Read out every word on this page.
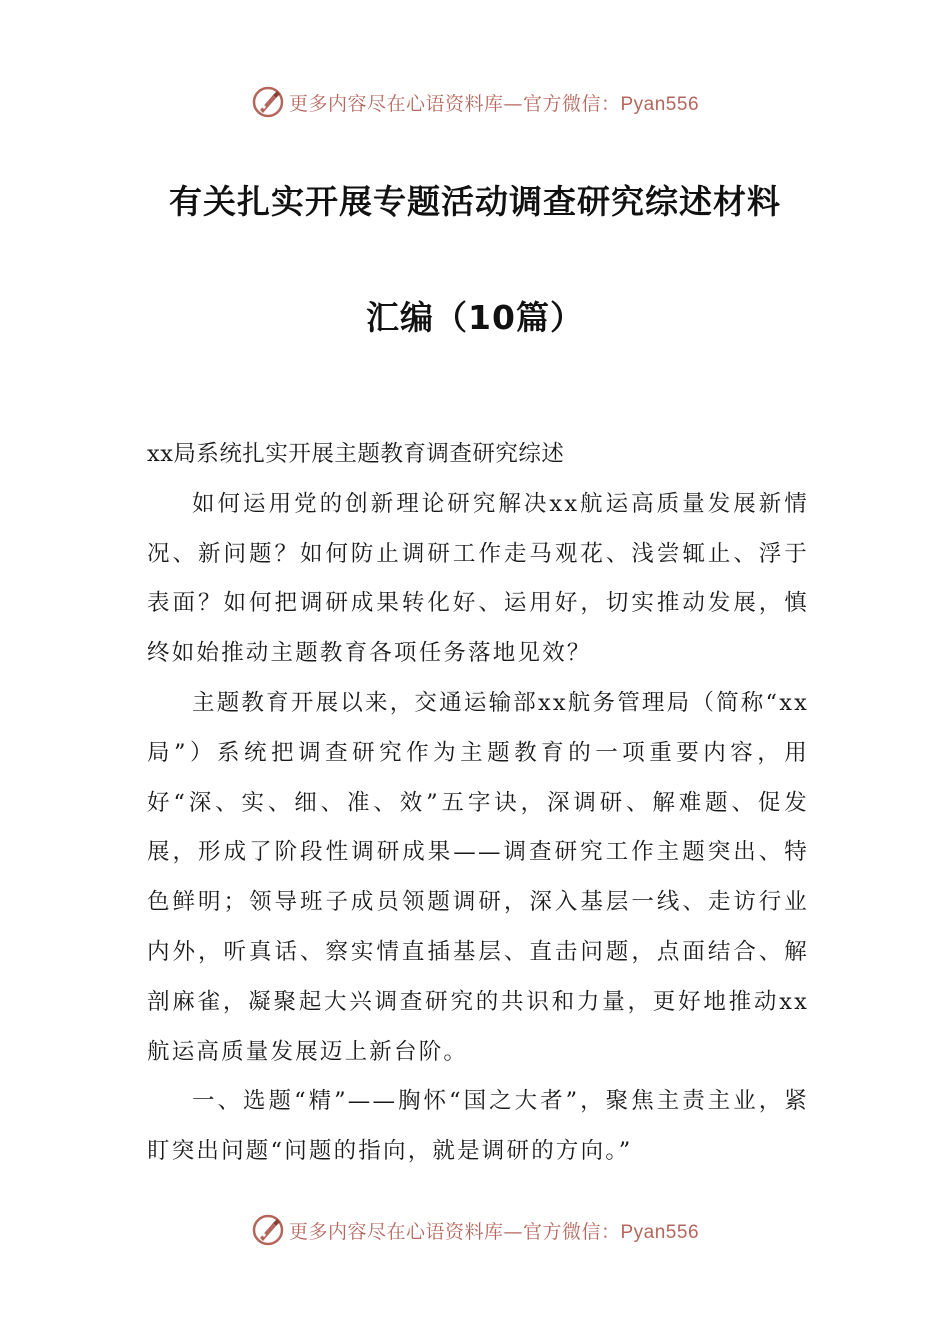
更多内容尽在心语资料库—官方微信：Pyan556
有关扎实开展专题活动调查研究综述材料
汇编（10篇）

xx局系统扎实开展主题教育调查研究综述

如何运用党的创新理论研究解决xx航运高质量发展新情况、新问题？如何防止调研工作走马观花、浅尝辄止、浮于表面？如何把调研成果转化好、运用好，切实推动发展，慎终如始推动主题教育各项任务落地见效？

主题教育开展以来，交通运输部xx航务管理局（简称“xx局”）系统把调查研究作为主题教育的一项重要内容，用好“深、实、细、准、效”五字诀，深调研、解难题、促发展，形成了阶段性调研成果——调查研究工作主题突出、特色鲜明；领导班子成员领题调研，深入基层一线、走访行业内外，听真话、察实情直插基层、直击问题，点面结合、解剖麻雀，凝聚起大兴调查研究的共识和力量，更好地推动xx航运高质量发展迈上新台阶。

一、选题“精”——胸怀“国之大者”，聚焦主责主业，紧盯突出问题“问题的指向，就是调研的方向。”

更多内容尽在心语资料库—官方微信：Pyan556
